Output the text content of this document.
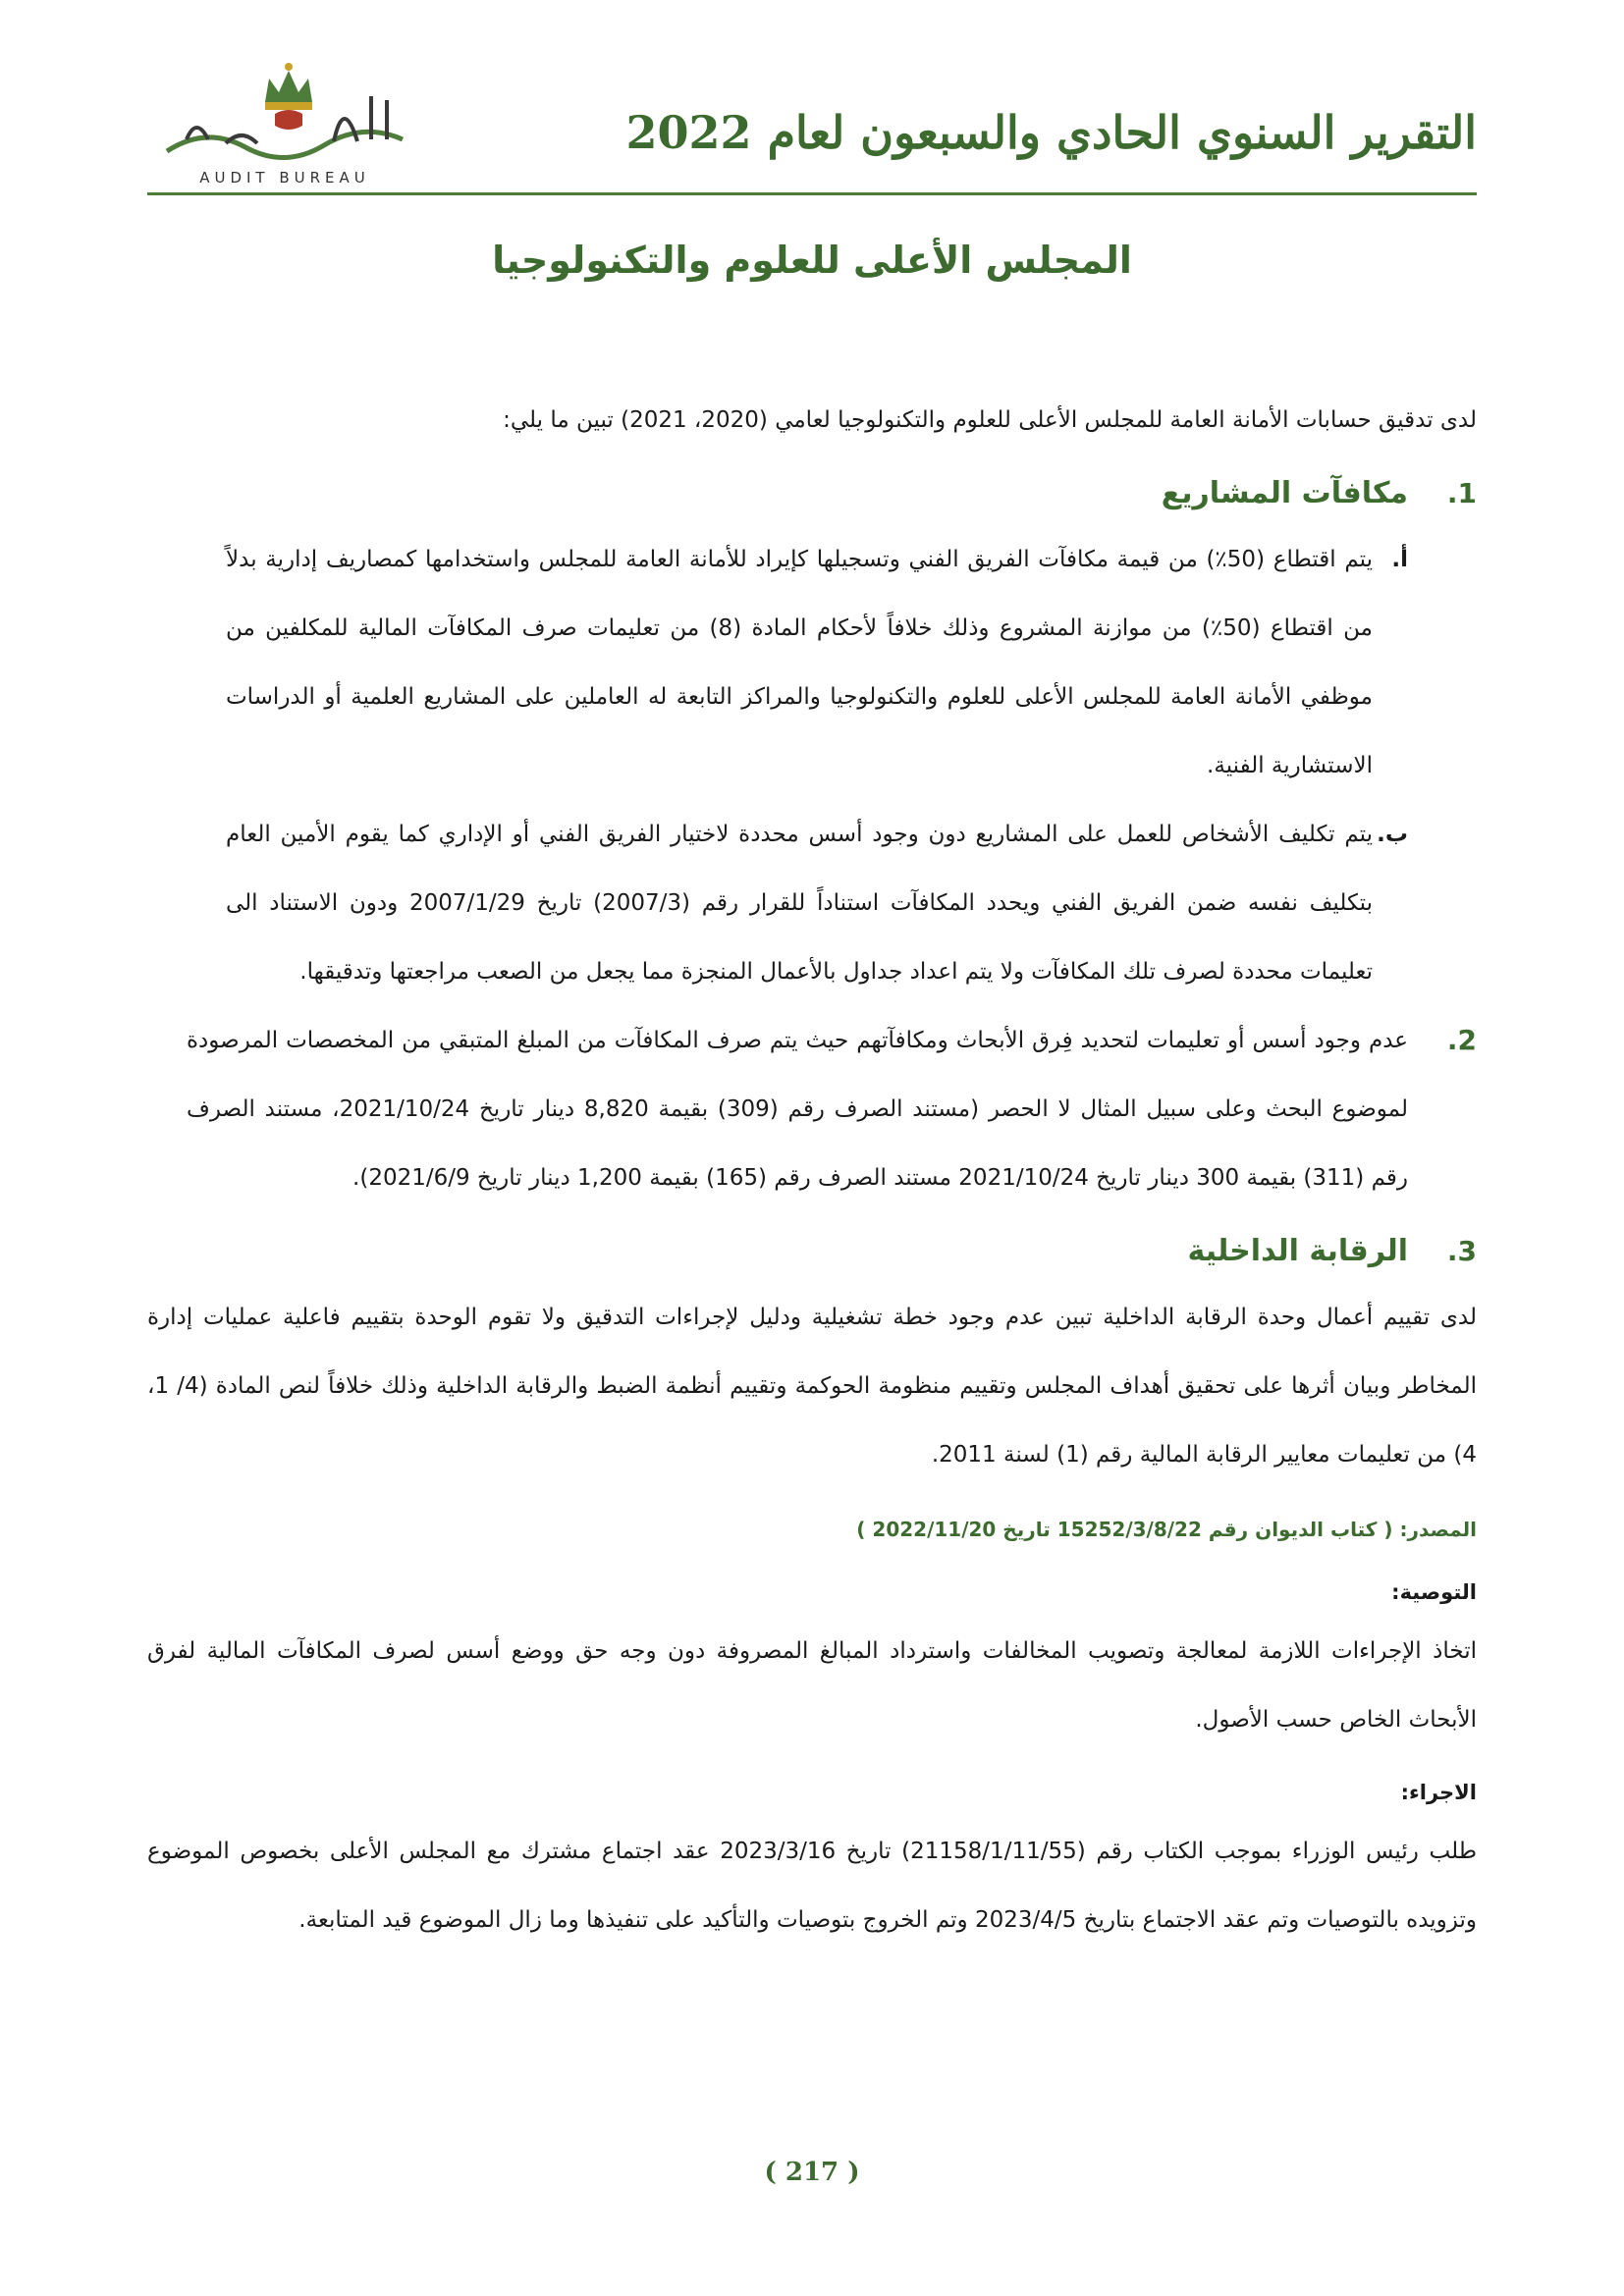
AUDIT BUREAU
التقرير السنوي الحادي والسبعون لعام 2022
المجلس الأعلى للعلوم والتكنولوجيا

لدى تدقيق حسابات الأمانة العامة للمجلس الأعلى للعلوم والتكنولوجيا لعامي (2020، 2021) تبين ما يلي:

1.
مكافآت المشاريع
أ.

يتم اقتطاع (50٪) من قيمة مكافآت الفريق الفني وتسجيلها كإيراد للأمانة العامة للمجلس واستخدامها كمصاريف إدارية بدلاً من اقتطاع (50٪) من موازنة المشروع وذلك خلافاً لأحكام المادة (8) من تعليمات صرف المكافآت المالية للمكلفين من موظفي الأمانة العامة للمجلس الأعلى للعلوم والتكنولوجيا والمراكز التابعة له العاملين على المشاريع العلمية أو الدراسات الاستشارية الفنية.

ب.

يتم تكليف الأشخاص للعمل على المشاريع دون وجود أسس محددة لاختيار الفريق الفني أو الإداري كما يقوم الأمين العام بتكليف نفسه ضمن الفريق الفني ويحدد المكافآت استناداً للقرار رقم (2007/3) تاريخ 2007/1/29 ودون الاستناد الى تعليمات محددة لصرف تلك المكافآت ولا يتم اعداد جداول بالأعمال المنجزة مما يجعل من الصعب مراجعتها وتدقيقها.

2.

عدم وجود أسس أو تعليمات لتحديد فِرق الأبحاث ومكافآتهم حيث يتم صرف المكافآت من المبلغ المتبقي من المخصصات المرصودة لموضوع البحث وعلى سبيل المثال لا الحصر (مستند الصرف رقم (309) بقيمة 8,820 دينار تاريخ 2021/10/24، مستند الصرف رقم (311) بقيمة 300 دينار تاريخ 2021/10/24 مستند الصرف رقم (165) بقيمة 1,200 دينار تاريخ 2021/6/9).

3.
الرقابة الداخلية

لدى تقييم أعمال وحدة الرقابة الداخلية تبين عدم وجود خطة تشغيلية ودليل لإجراءات التدقيق ولا تقوم الوحدة بتقييم فاعلية عمليات إدارة المخاطر وبيان أثرها على تحقيق أهداف المجلس وتقييم منظومة الحوكمة وتقييم أنظمة الضبط والرقابة الداخلية وذلك خلافاً لنص المادة (4/ 1، 4) من تعليمات معايير الرقابة المالية رقم (1) لسنة 2011.

المصدر: ( كتاب الديوان رقم 15252/3/8/22 تاريخ 2022/11/20 )
التوصية:

اتخاذ الإجراءات اللازمة لمعالجة وتصويب المخالفات واسترداد المبالغ المصروفة دون وجه حق ووضع أسس لصرف المكافآت المالية لفرق الأبحاث الخاص حسب الأصول.

الاجراء:

طلب رئيس الوزراء بموجب الكتاب رقم (21158/1/11/55) تاريخ 2023/3/16 عقد اجتماع مشترك مع المجلس الأعلى بخصوص الموضوع وتزويده بالتوصيات وتم عقد الاجتماع بتاريخ 2023/4/5 وتم الخروج بتوصيات والتأكيد على تنفيذها وما زال الموضوع قيد المتابعة.

( 217 )
